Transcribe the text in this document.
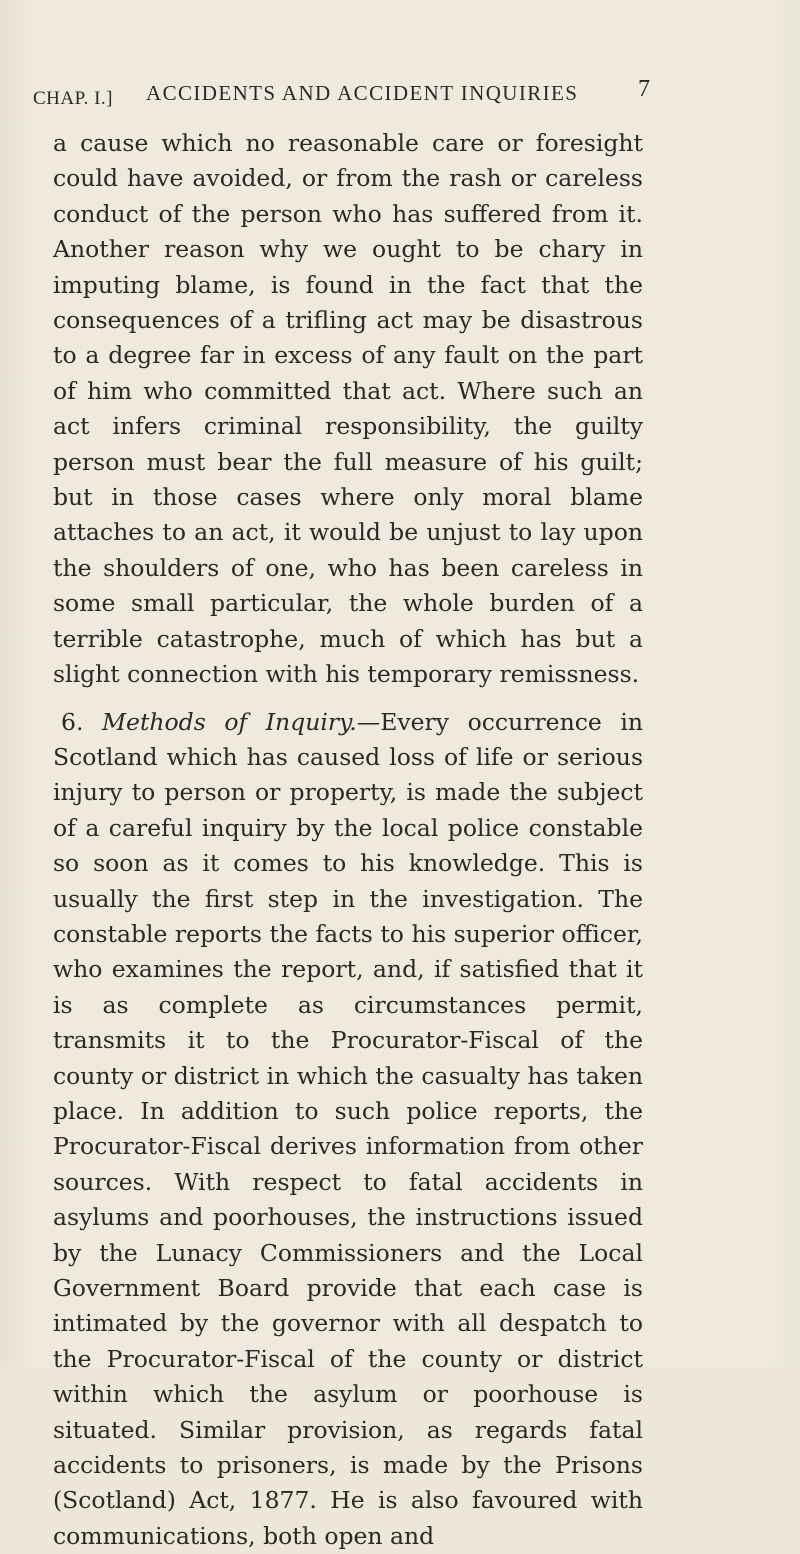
CHAP. I.] ACCIDENTS AND ACCIDENT INQUIRIES 7

a cause which no reasonable care or foresight could have avoided, or from the rash or careless conduct of the person who has suffered from it. Another reason why we ought to be chary in imputing blame, is found in the fact that the consequences of a trifling act may be disastrous to a degree far in excess of any fault on the part of him who committed that act. Where such an act infers criminal responsibility, the guilty person must bear the full measure of his guilt; but in those cases where only moral blame attaches to an act, it would be unjust to lay upon the shoulders of one, who has been careless in some small particular, the whole burden of a terrible catastrophe, much of which has but a slight connection with his temporary remissness.

6. Methods of Inquiry.—Every occurrence in Scotland which has caused loss of life or serious injury to person or property, is made the subject of a careful inquiry by the local police constable so soon as it comes to his knowledge. This is usually the first step in the investigation. The constable reports the facts to his superior officer, who examines the report, and, if satisfied that it is as complete as circumstances permit, transmits it to the Procurator-Fiscal of the county or district in which the casualty has taken place. In addition to such police reports, the Procurator-Fiscal derives information from other sources. With respect to fatal accidents in asylums and poorhouses, the instructions issued by the Lunacy Commissioners and the Local Government Board provide that each case is intimated by the governor with all despatch to the Procurator-Fiscal of the county or district within which the asylum or poorhouse is situated. Similar provision, as regards fatal accidents to prisoners, is made by the Prisons (Scotland) Act, 1877. He is also favoured with communications, both open and
